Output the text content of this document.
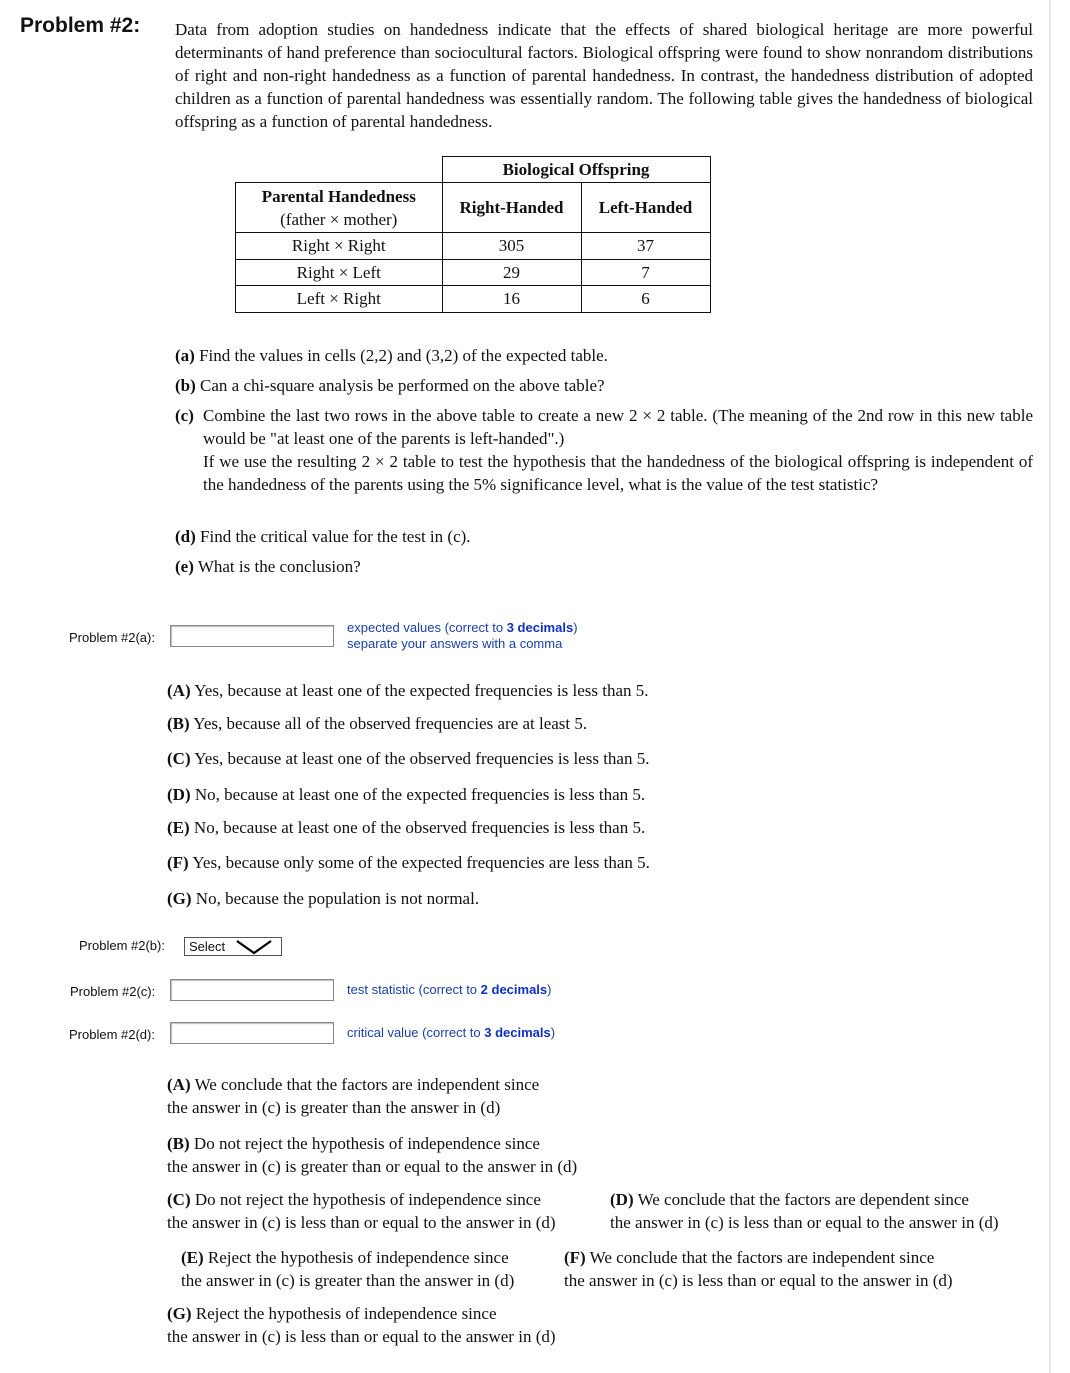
Problem #2: Data from adoption studies on handedness indicate that the effects of shared biological heritage are more powerful determinants of hand preference than sociocultural factors. Biological offspring were found to show nonrandom distributions of right and non-right handedness as a function of parental handedness. In contrast, the handedness distribution of adopted children as a function of parental handedness was essentially random. The following table gives the handedness of biological offspring as a function of parental handedness.

	Biological Offspring	

Parental Handedness
(father × mother)	Right-Handed	Left-Handed
Right × Right	305	37
Right × Left	29	7
Left × Right	16	6
(a) Find the values in cells (2,2) and (3,2) of the expected table.
(b) Can a chi-square analysis be performed on the above table?
(c) Combine the last two rows in the above table to create a new 2 × 2 table. (The meaning of the 2nd row in this new table would be "at least one of the parents is left-handed".)
If we use the resulting 2 × 2 table to test the hypothesis that the handedness of the biological offspring is independent of the handedness of the parents using the 5% significance level, what is the value of the test statistic?
(d) Find the critical value for the test in (c).
(e) What is the conclusion?
Problem #2(a):
expected values (correct to 3 decimals)
separate your answers with a comma
(A) Yes, because at least one of the expected frequencies is less than 5.
(B) Yes, because all of the observed frequencies are at least 5.
(C) Yes, because at least one of the observed frequencies is less than 5.
(D) No, because at least one of the expected frequencies is less than 5.
(E) No, because at least one of the observed frequencies is less than 5.
(F) Yes, because only some of the expected frequencies are less than 5.
(G) No, because the population is not normal.
Problem #2(b):	Select
Problem #2(c):	test statistic (correct to 2 decimals)
Problem #2(d):	critical value (correct to 3 decimals)
(A) We conclude that the factors are independent since
the answer in (c) is greater than the answer in (d)
(B) Do not reject the hypothesis of independence since
the answer in (c) is greater than or equal to the answer in (d)
(C) Do not reject the hypothesis of independence since
the answer in (c) is less than or equal to the answer in (d)
(D) We conclude that the factors are dependent since
the answer in (c) is less than or equal to the answer in (d)
(E) Reject the hypothesis of independence since
the answer in (c) is greater than the answer in (d)
(F) We conclude that the factors are independent since
the answer in (c) is less than or equal to the answer in (d)
(G) Reject the hypothesis of independence since
the answer in (c) is less than or equal to the answer in (d)
